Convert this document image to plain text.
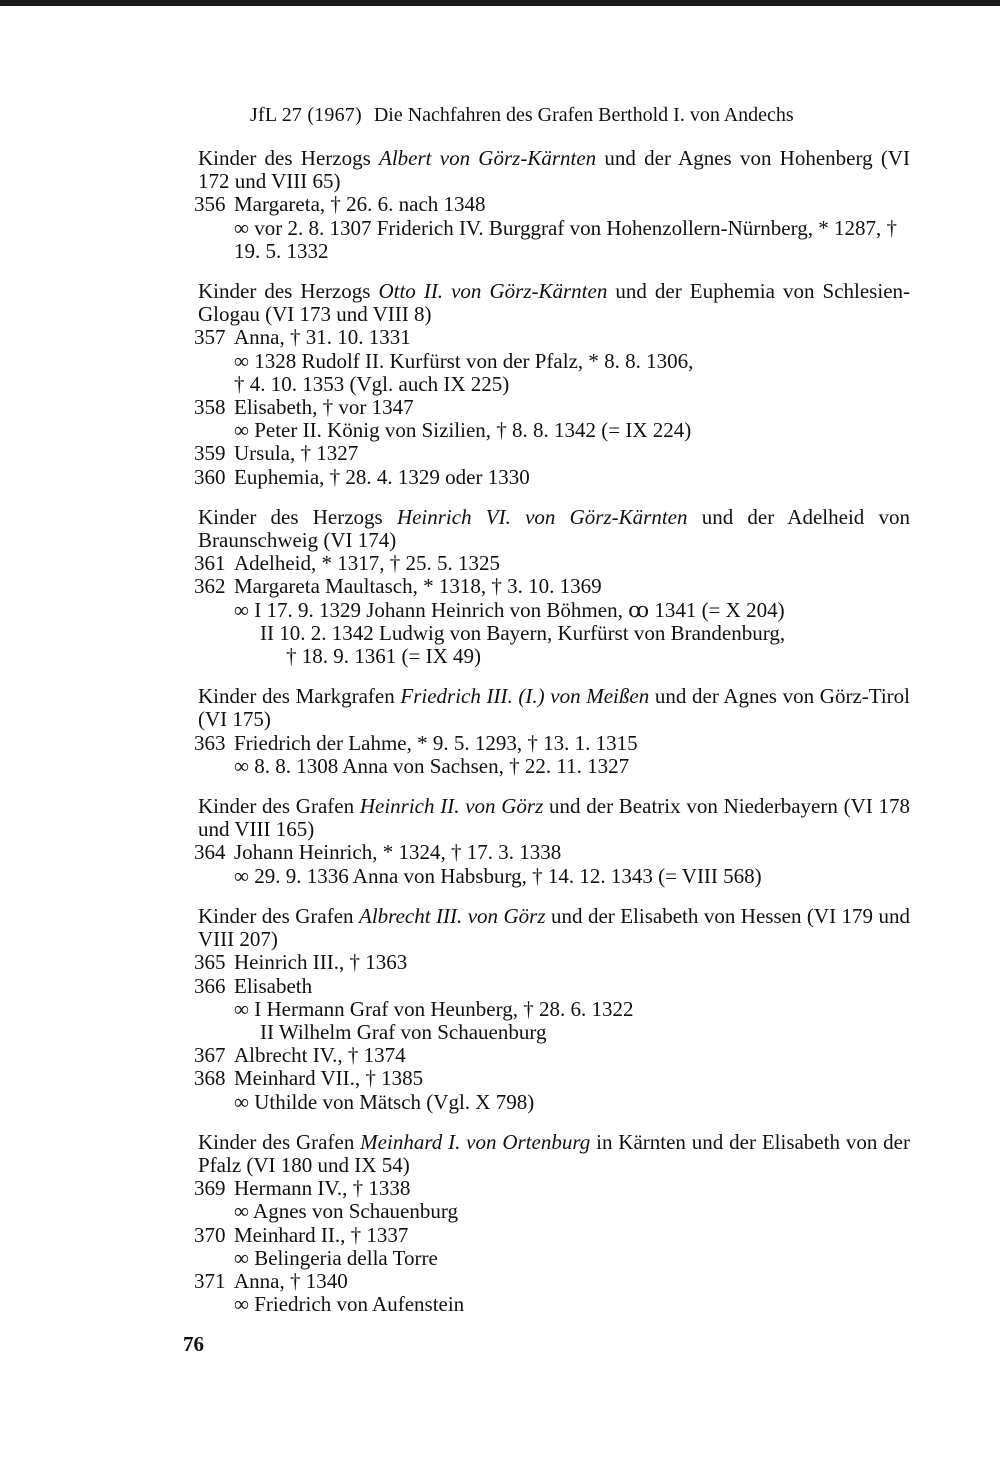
JfL 27 (1967) Die Nachfahren des Grafen Berthold I. von Andechs

Kinder des Herzogs Albert von Görz-Kärnten und der Agnes von Hohenberg (VI 172 und VIII 65)

356 Margareta, † 26. 6. nach 1348
∞ vor 2. 8. 1307 Friderich IV. Burggraf von Hohenzollern-Nürnberg, * 1287, † 19. 5. 1332

Kinder des Herzogs Otto II. von Görz-Kärnten und der Euphemia von Schlesien-Glogau (VI 173 und VIII 8)

357 Anna, † 31. 10. 1331
∞ 1328 Rudolf II. Kurfürst von der Pfalz, * 8. 8. 1306,
† 4. 10. 1353 (Vgl. auch IX 225)
358 Elisabeth, † vor 1347
∞ Peter II. König von Sizilien, † 8. 8. 1342 (= IX 224)
359 Ursula, † 1327
360 Euphemia, † 28. 4. 1329 oder 1330

Kinder des Herzogs Heinrich VI. von Görz-Kärnten und der Adelheid von Braunschweig (VI 174)

361 Adelheid, * 1317, † 25. 5. 1325
362 Margareta Maultasch, * 1318, † 3. 10. 1369
∞ I 17. 9. 1329 Johann Heinrich von Böhmen, ꝏ 1341 (= X 204)
II 10. 2. 1342 Ludwig von Bayern, Kurfürst von Brandenburg,
† 18. 9. 1361 (= IX 49)

Kinder des Markgrafen Friedrich III. (I.) von Meißen und der Agnes von Görz-Tirol (VI 175)

363 Friedrich der Lahme, * 9. 5. 1293, † 13. 1. 1315
∞ 8. 8. 1308 Anna von Sachsen, † 22. 11. 1327

Kinder des Grafen Heinrich II. von Görz und der Beatrix von Niederbayern (VI 178 und VIII 165)

364 Johann Heinrich, * 1324, † 17. 3. 1338
∞ 29. 9. 1336 Anna von Habsburg, † 14. 12. 1343 (= VIII 568)

Kinder des Grafen Albrecht III. von Görz und der Elisabeth von Hessen (VI 179 und VIII 207)

365 Heinrich III., † 1363
366 Elisabeth
∞ I Hermann Graf von Heunberg, † 28. 6. 1322
II Wilhelm Graf von Schauenburg
367 Albrecht IV., † 1374
368 Meinhard VII., † 1385
∞ Uthilde von Mätsch (Vgl. X 798)

Kinder des Grafen Meinhard I. von Ortenburg in Kärnten und der Elisabeth von der Pfalz (VI 180 und IX 54)

369 Hermann IV., † 1338
∞ Agnes von Schauenburg
370 Meinhard II., † 1337
∞ Belingeria della Torre
371 Anna, † 1340
∞ Friedrich von Aufenstein
76
